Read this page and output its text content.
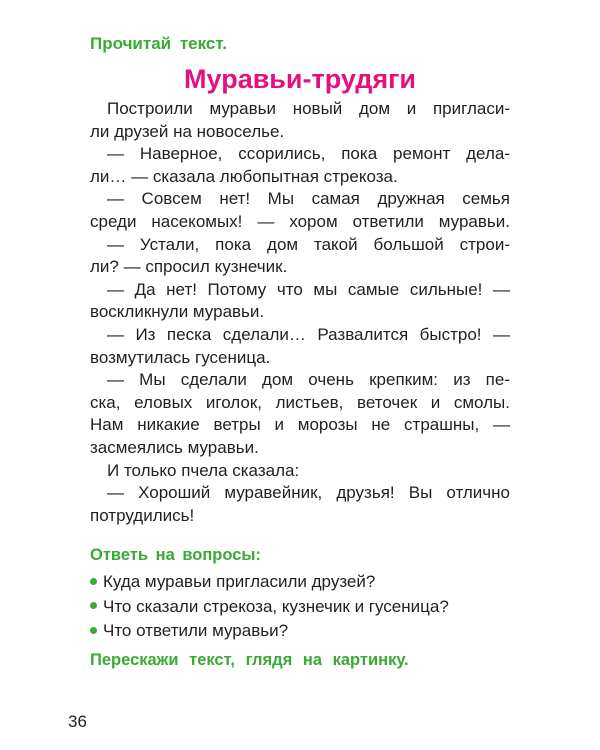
Прочитай текст.

Муравьи-трудяги
Построили муравьи новый дом и пригласи-
ли друзей на новоселье.
— Наверное, ссорились, пока ремонт дела-
ли… — сказала любопытная стрекоза.
— Совсем нет! Мы самая дружная семья
среди насекомых! — хором ответили муравьи.
— Устали, пока дом такой большой строи-
ли? — спросил кузнечик.
— Да нет! Потому что мы самые сильные! —
воскликнули муравьи.
— Из песка сделали… Развалится быстро! —
возмутилась гусеница.
— Мы сделали дом очень крепким: из пе-
ска, еловых иголок, листьев, веточек и смолы.
Нам никакие ветры и морозы не страшны, —
засмеялись муравьи.
И только пчела сказала:
— Хороший муравейник, друзья! Вы отлично
потрудились!

Ответь на вопросы:

Куда муравьи пригласили друзей?
Что сказали стрекоза, кузнечик и гусеница?
Что ответили муравьи?

Перескажи текст, глядя на картинку.

36
